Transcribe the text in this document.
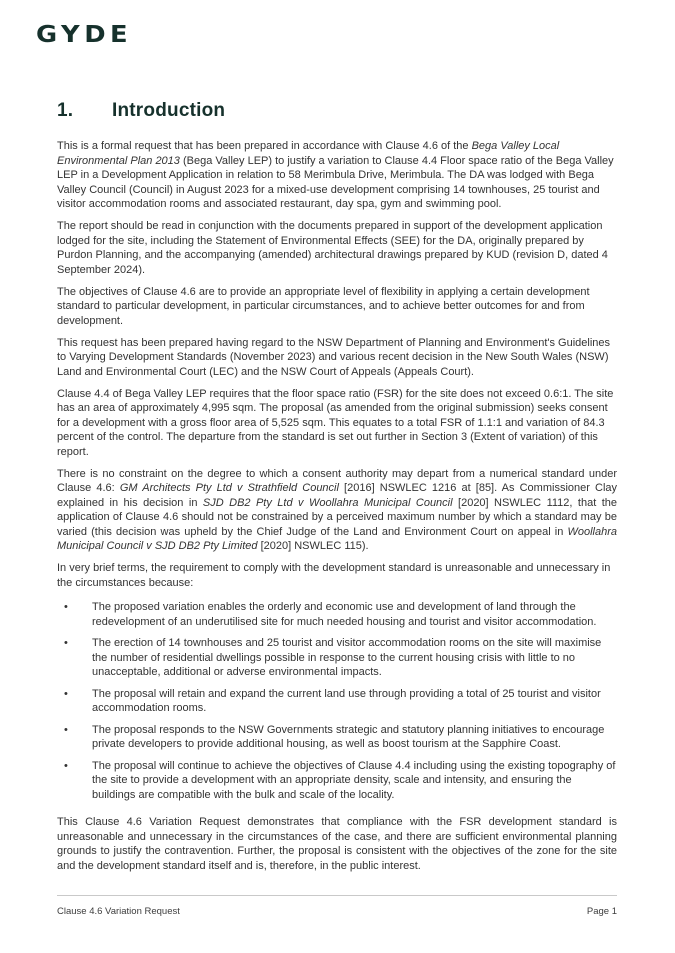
GYDE
1. Introduction

This is a formal request that has been prepared in accordance with Clause 4.6 of the Bega Valley Local Environmental Plan 2013 (Bega Valley LEP) to justify a variation to Clause 4.4 Floor space ratio of the Bega Valley LEP in a Development Application in relation to 58 Merimbula Drive, Merimbula. The DA was lodged with Bega Valley Council (Council) in August 2023 for a mixed-use development comprising 14 townhouses, 25 tourist and visitor accommodation rooms and associated restaurant, day spa, gym and swimming pool.

The report should be read in conjunction with the documents prepared in support of the development application lodged for the site, including the Statement of Environmental Effects (SEE) for the DA, originally prepared by Purdon Planning, and the accompanying (amended) architectural drawings prepared by KUD (revision D, dated 4 September 2024).

The objectives of Clause 4.6 are to provide an appropriate level of flexibility in applying a certain development standard to particular development, in particular circumstances, and to achieve better outcomes for and from development.

This request has been prepared having regard to the NSW Department of Planning and Environment's Guidelines to Varying Development Standards (November 2023) and various recent decision in the New South Wales (NSW) Land and Environmental Court (LEC) and the NSW Court of Appeals (Appeals Court).

Clause 4.4 of Bega Valley LEP requires that the floor space ratio (FSR) for the site does not exceed 0.6:1. The site has an area of approximately 4,995 sqm. The proposal (as amended from the original submission) seeks consent for a development with a gross floor area of 5,525 sqm. This equates to a total FSR of 1.1:1 and variation of 84.3 percent of the control. The departure from the standard is set out further in Section 3 (Extent of variation) of this report.

There is no constraint on the degree to which a consent authority may depart from a numerical standard under Clause 4.6: GM Architects Pty Ltd v Strathfield Council [2016] NSWLEC 1216 at [85]. As Commissioner Clay explained in his decision in SJD DB2 Pty Ltd v Woollahra Municipal Council [2020] NSWLEC 1112, that the application of Clause 4.6 should not be constrained by a perceived maximum number by which a standard may be varied (this decision was upheld by the Chief Judge of the Land and Environment Court on appeal in Woollahra Municipal Council v SJD DB2 Pty Limited [2020] NSWLEC 115).

In very brief terms, the requirement to comply with the development standard is unreasonable and unnecessary in the circumstances because:

•	The proposed variation enables the orderly and economic use and development of land through the redevelopment of an underutilised site for much needed housing and tourist and visitor accommodation.
•	The erection of 14 townhouses and 25 tourist and visitor accommodation rooms on the site will maximise the number of residential dwellings possible in response to the current housing crisis with little to no unacceptable, additional or adverse environmental impacts.
•	The proposal will retain and expand the current land use through providing a total of 25 tourist and visitor accommodation rooms.
•	The proposal responds to the NSW Governments strategic and statutory planning initiatives to encourage private developers to provide additional housing, as well as boost tourism at the Sapphire Coast.
•	The proposal will continue to achieve the objectives of Clause 4.4 including using the existing topography of the site to provide a development with an appropriate density, scale and intensity, and ensuring the buildings are compatible with the bulk and scale of the locality.

This Clause 4.6 Variation Request demonstrates that compliance with the FSR development standard is unreasonable and unnecessary in the circumstances of the case, and there are sufficient environmental planning grounds to justify the contravention. Further, the proposal is consistent with the objectives of the zone for the site and the development standard itself and is, therefore, in the public interest.

Clause 4.6 Variation Request	Page 1
